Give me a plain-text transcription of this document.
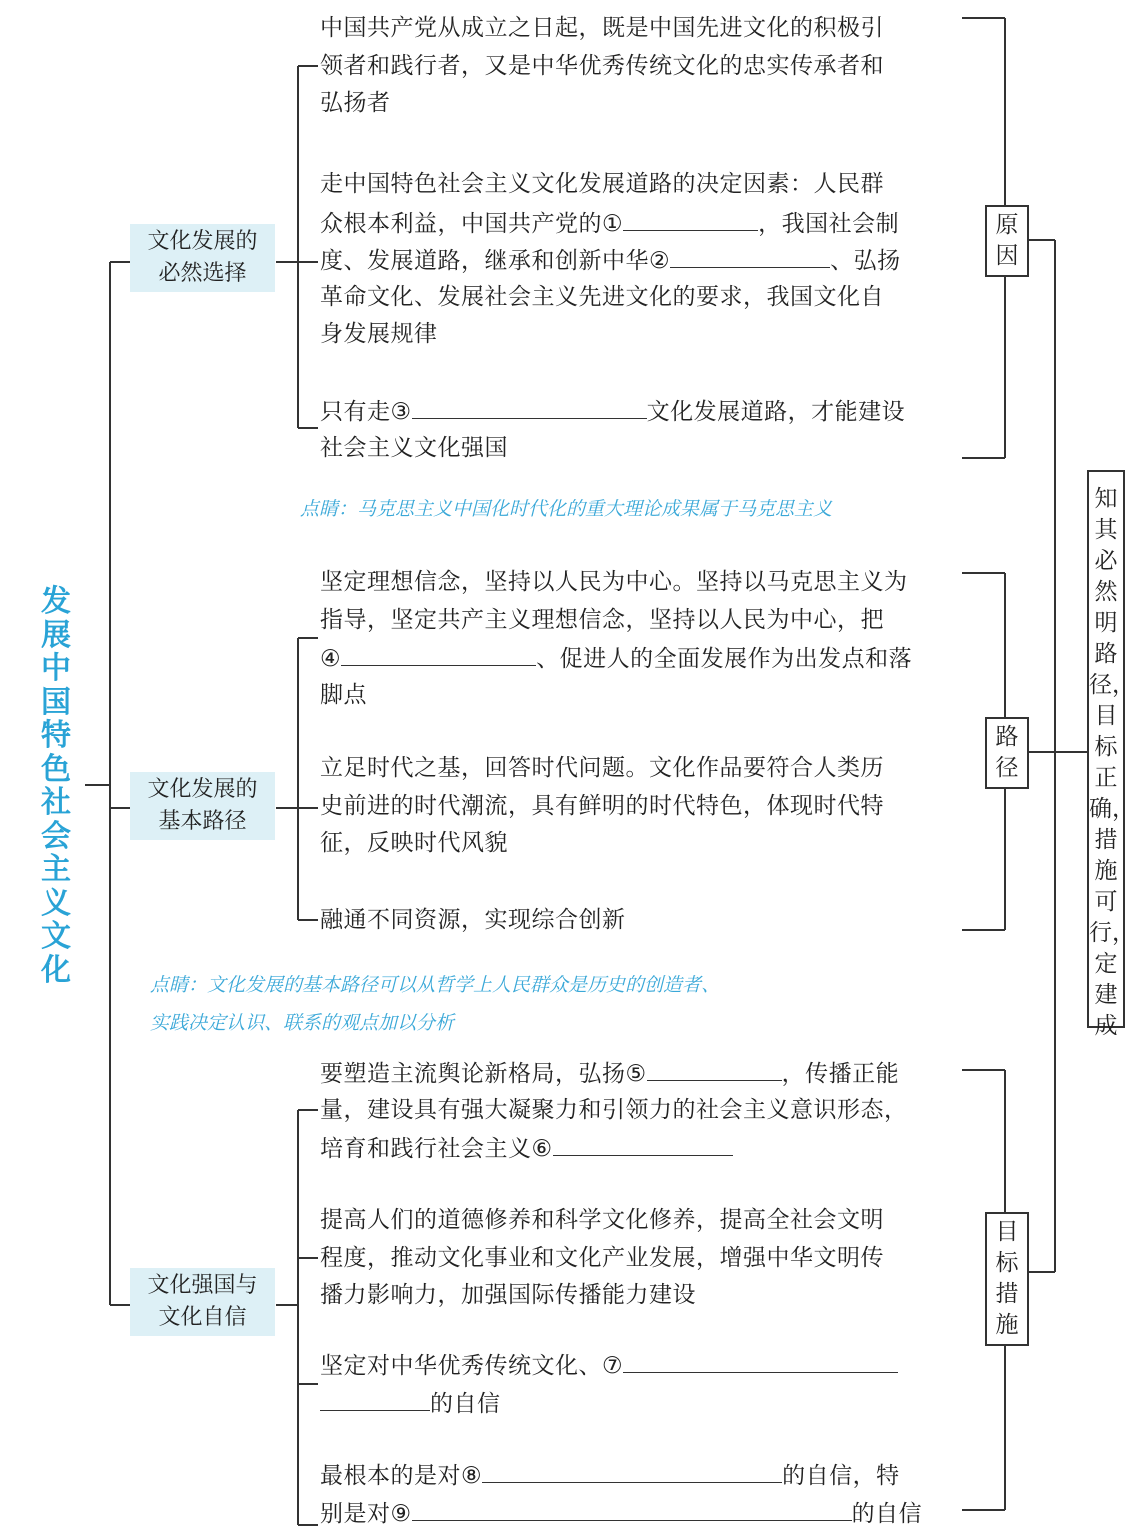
发展中国特色社会主义文化
文化发展的
必然选择
中国共产党从成立之日起，既是中国先进文化的积极引
领者和践行者，又是中华优秀传统文化的忠实传承者和
弘扬者
走中国特色社会主义文化发展道路的决定因素：人民群
众根本利益，中国共产党的①	，我国社会制
度、发展道路，继承和创新中华②	、弘扬
革命文化、发展社会主义先进文化的要求，我国文化自
身发展规律
只有走③	文化发展道路，才能建设
社会主义文化强国
点睛：马克思主义中国化时代化的重大理论成果属于马克思主义
文化发展的
基本路径
坚定理想信念，坚持以人民为中心。坚持以马克思主义为
指导，坚定共产主义理想信念，坚持以人民为中心，把
④	、促进人的全面发展作为出发点和落
脚点
立足时代之基，回答时代问题。文化作品要符合人类历
史前进的时代潮流，具有鲜明的时代特色，体现时代特
征，反映时代风貌
融通不同资源，实现综合创新
点睛：文化发展的基本路径可以从哲学上人民群众是历史的创造者、
实践决定认识、联系的观点加以分析
文化强国与
文化自信
要塑造主流舆论新格局，弘扬⑤	，传播正能
量，建设具有强大凝聚力和引领力的社会主义意识形态，
培育和践行社会主义⑥
提高人们的道德修养和科学文化修养，提高全社会文明
程度，推动文化事业和文化产业发展，增强中华文明传
播力影响力，加强国际传播能力建设
坚定对中华优秀传统文化、⑦
的自信
最根本的是对⑧	的自信，特
别是对⑨	的自信
原
因
路
径
目标
措施
知其必然明路径，目标正确，措施可行，定建成
